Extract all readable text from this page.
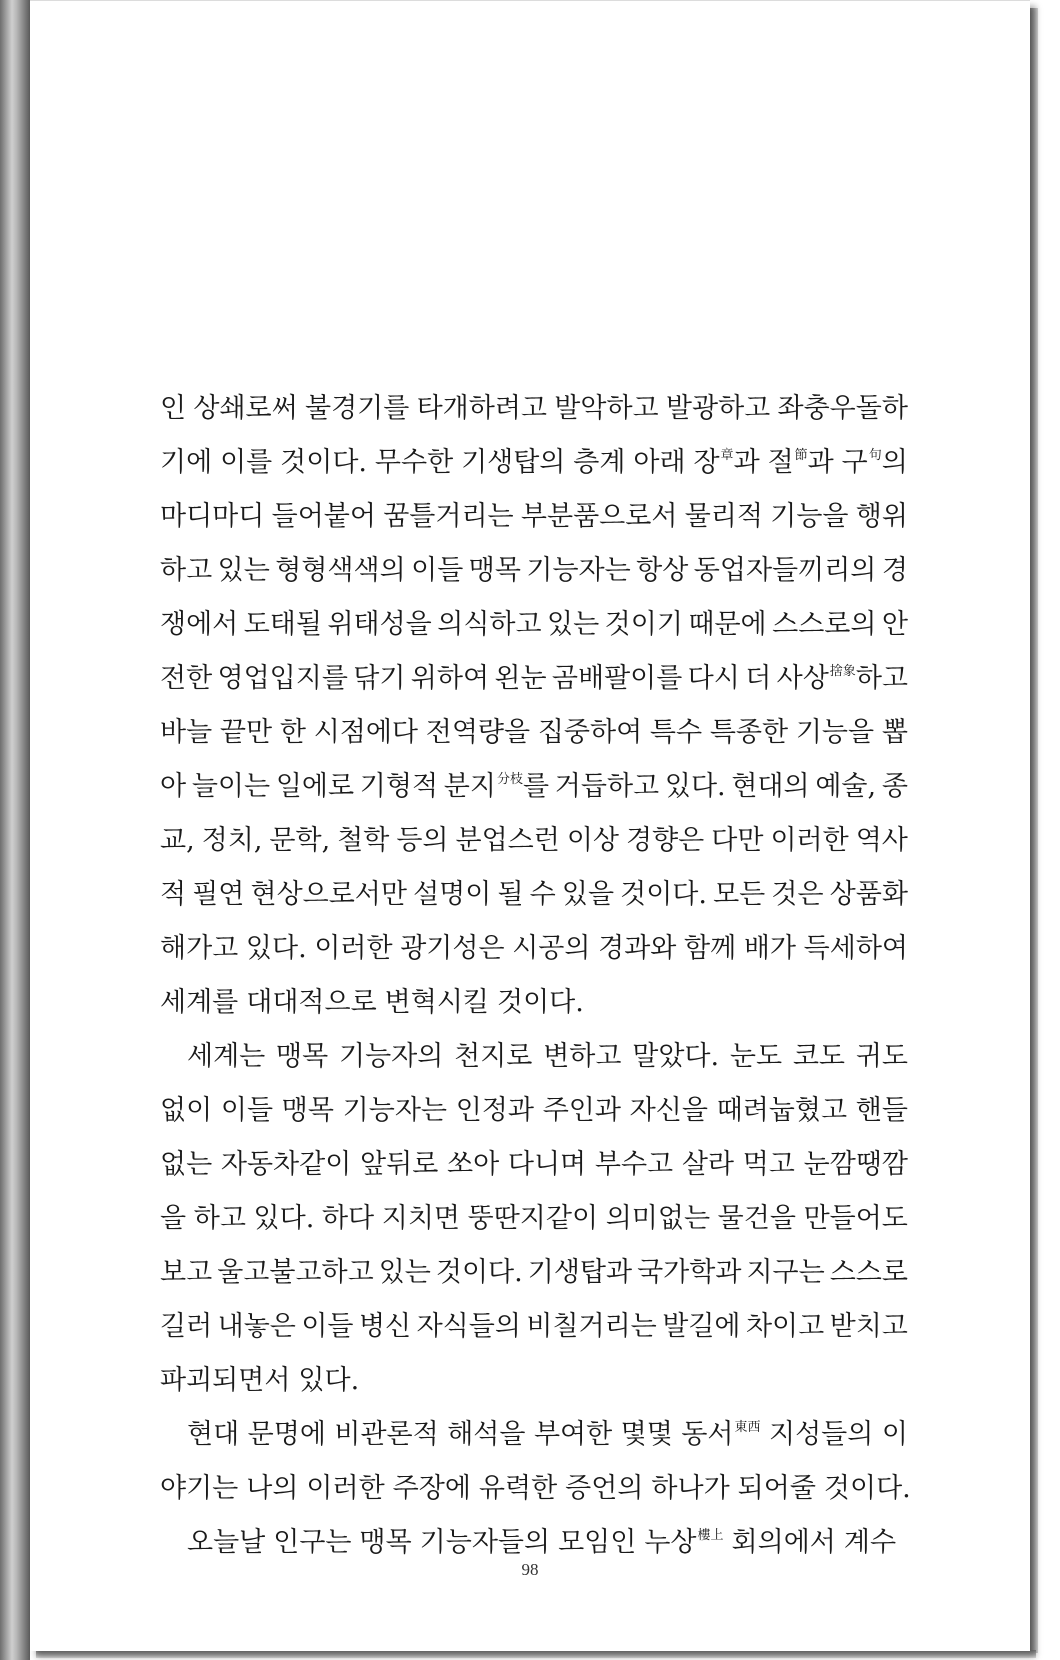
인 상쇄로써 불경기를 타개하려고 발악하고 발광하고 좌충우돌하
기에 이를 것이다. 무수한 기생탑의 층계 아래 장$^章$과 절$^節$과 구$^句$의
마디마디 들어붙어 꿈틀거리는 부분품으로서 물리적 기능을 행위
하고 있는 형형색색의 이들 맹목 기능자는 항상 동업자들끼리의 경
쟁에서 도태될 위태성을 의식하고 있는 것이기 때문에 스스로의 안
전한 영업입지를 닦기 위하여 왼눈 곰배팔이를 다시 더 사상$^{捨象}$하고
바늘 끝만 한 시점에다 전역량을 집중하여 특수 특종한 기능을 뽑
아 늘이는 일에로 기형적 분지$^{分枝}$를 거듭하고 있다. 현대의 예술, 종
교, 정치, 문학, 철학 등의 분업스런 이상 경향은 다만 이러한 역사
적 필연 현상으로서만 설명이 될 수 있을 것이다. 모든 것은 상품화
해가고 있다. 이러한 광기성은 시공의 경과와 함께 배가 득세하여
세계를 대대적으로 변혁시킬 것이다.
세계는 맹목 기능자의 천지로 변하고 말았다. 눈도 코도 귀도
없이 이들 맹목 기능자는 인정과 주인과 자신을 때려눕혔고 핸들
없는 자동차같이 앞뒤로 쏘아 다니며 부수고 살라 먹고 눈깜땡깜
을 하고 있다. 하다 지치면 뚱딴지같이 의미없는 물건을 만들어도
보고 울고불고하고 있는 것이다. 기생탑과 국가학과 지구는 스스로
길러 내놓은 이들 병신 자식들의 비칠거리는 발길에 차이고 받치고
파괴되면서 있다.
현대 문명에 비관론적 해석을 부여한 몇몇 동서$^{東西}$ 지성들의 이
야기는 나의 이러한 주장에 유력한 증언의 하나가 되어줄 것이다.
오늘날 인구는 맹목 기능자들의 모임인 누상$^{樓上}$ 회의에서 계수
98
